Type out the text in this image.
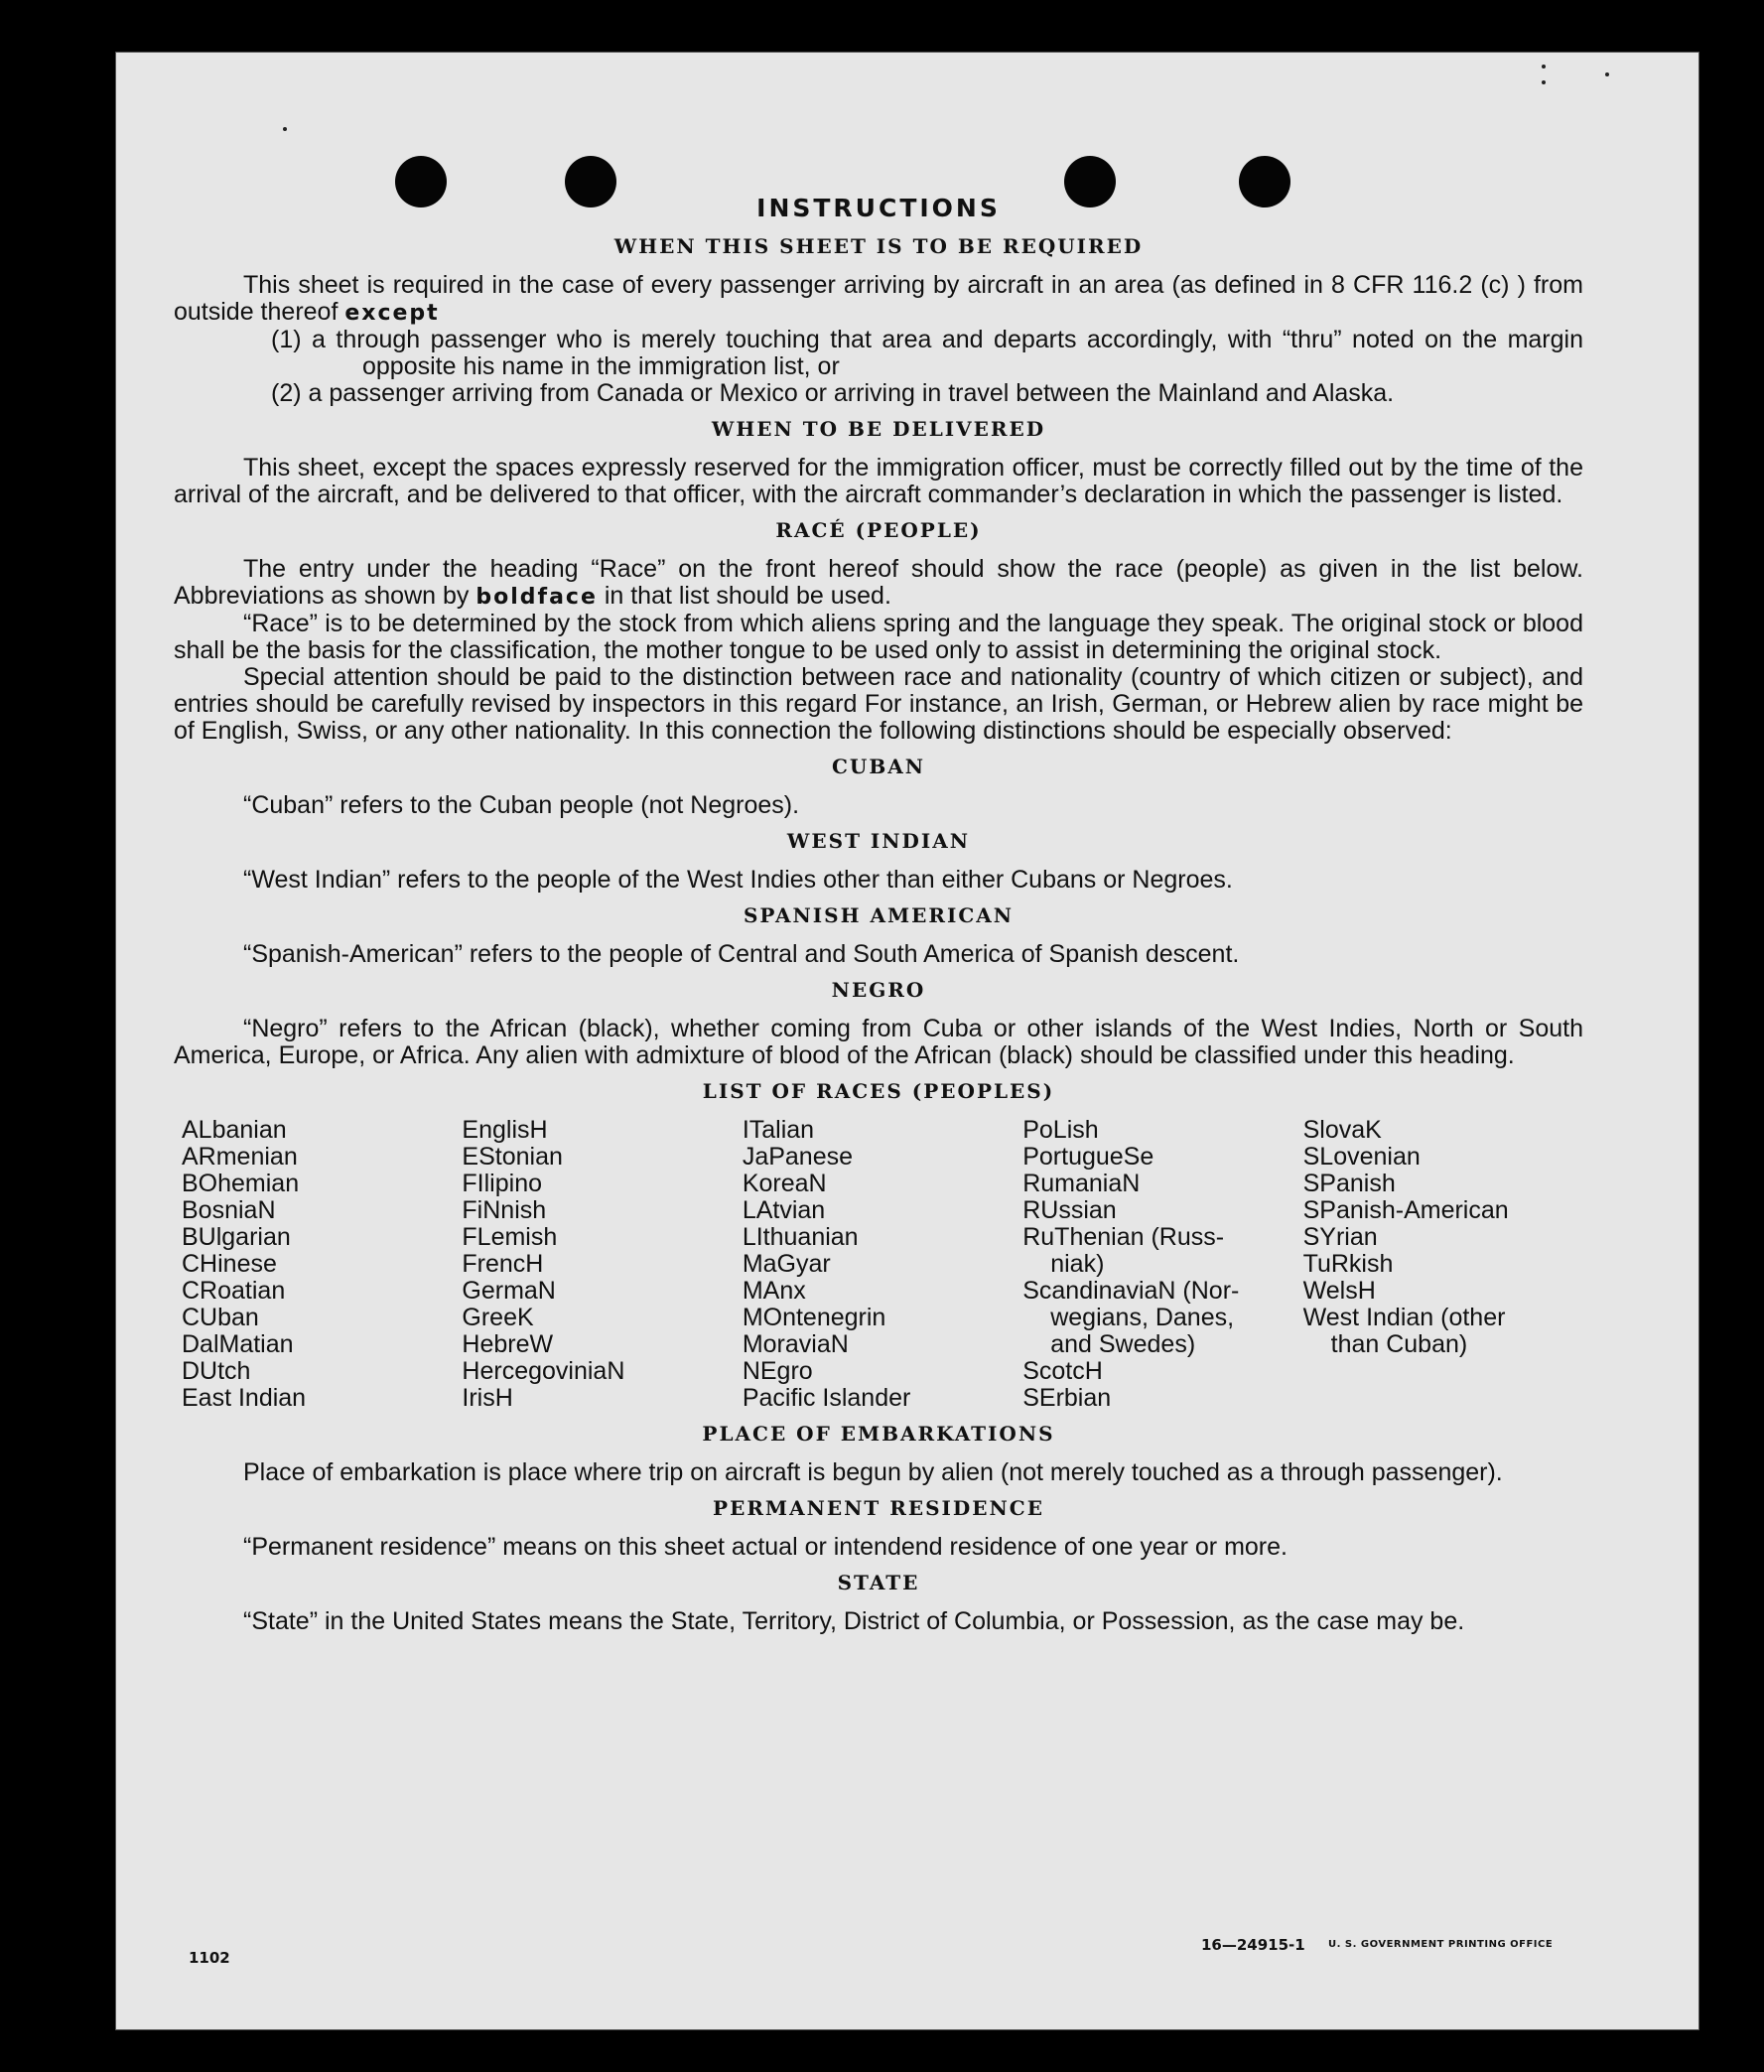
INSTRUCTIONS
WHEN THIS SHEET IS TO BE REQUIRED

This sheet is required in the case of every passenger arriving by aircraft in an area (as defined in 8 CFR 116.2 (c) ) from outside thereof except

(1) a through passenger who is merely touching that area and departs accordingly, with “thru” noted on the margin opposite his name in the immigration list, or

(2) a passenger arriving from Canada or Mexico or arriving in travel between the Mainland and Alaska.

WHEN TO BE DELIVERED

This sheet, except the spaces expressly reserved for the immigration officer, must be correctly filled out by the time of the arrival of the aircraft, and be delivered to that officer, with the aircraft commander’s declaration in which the passenger is listed.

RACÉ (PEOPLE)

The entry under the heading “Race” on the front hereof should show the race (people) as given in the list below. Abbreviations as shown by boldface in that list should be used.

“Race” is to be determined by the stock from which aliens spring and the language they speak. The original stock or blood shall be the basis for the classification, the mother tongue to be used only to assist in determining the original stock.

Special attention should be paid to the distinction between race and nationality (country of which citizen or subject), and entries should be carefully revised by inspectors in this regard For instance, an Irish, German, or Hebrew alien by race might be of English, Swiss, or any other nationality. In this connection the following distinctions should be especially observed:

CUBAN

“Cuban” refers to the Cuban people (not Negroes).

WEST INDIAN

“West Indian” refers to the people of the West Indies other than either Cubans or Negroes.

SPANISH AMERICAN

“Spanish-American” refers to the people of Central and South America of Spanish descent.

NEGRO

“Negro” refers to the African (black), whether coming from Cuba or other islands of the West Indies, North or South America, Europe, or Africa. Any alien with admixture of blood of the African (black) should be classified under this heading.

LIST OF RACES (PEOPLES)
ALbanian
ARmenian
BOhemian
BosniaN
BUlgarian
CHinese
CRoatian
CUban
DalMatian
DUtch
East Indian
EnglisH
EStonian
FIlipino
FiNnish
FLemish
FrencH
GermaN
GreeK
HebreW
HercegoviniaN
IrisH
ITalian
JaPanese
KoreaN
LAtvian
LIthuanian
MaGyar
MAnx
MOntenegrin
MoraviaN
NEgro
Pacific Islander
PoLish
PortugueSe
RumaniaN
RUssian
RuThenian (Russ-
niak)
ScandinaviaN (Nor-
wegians, Danes,
and Swedes)
ScotcH
SErbian
SlovaK
SLovenian
SPanish
SPanish-American
SYrian
TuRkish
WelsH
West Indian (other
than Cuban)
PLACE OF EMBARKATIONS

Place of embarkation is place where trip on aircraft is begun by alien (not merely touched as a through passenger).

PERMANENT RESIDENCE

“Permanent residence” means on this sheet actual or intendend residence of one year or more.

STATE

“State” in the United States means the State, Territory, District of Columbia, or Possession, as the case may be.

1102
16—24915-1 U. S. GOVERNMENT PRINTING OFFICE
